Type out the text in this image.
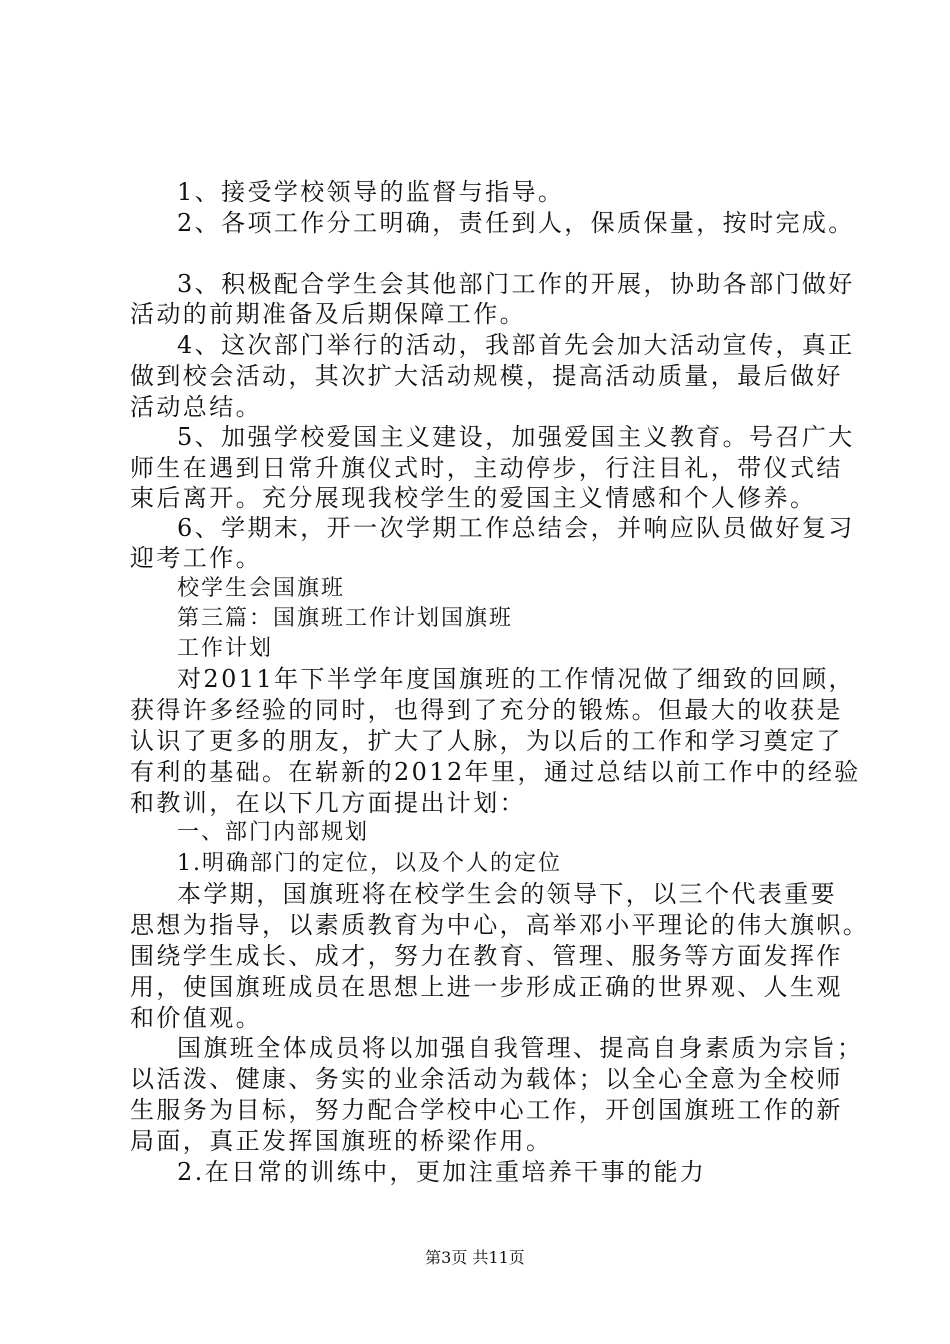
1、接受学校领导的监督与指导。
2、各项工作分工明确，责任到人，保质保量，按时完成。
3、积极配合学生会其他部门工作的开展，协助各部门做好
活动的前期准备及后期保障工作。
4、这次部门举行的活动，我部首先会加大活动宣传，真正
做到校会活动，其次扩大活动规模，提高活动质量，最后做好
活动总结。
5、加强学校爱国主义建设，加强爱国主义教育。号召广大
师生在遇到日常升旗仪式时，主动停步，行注目礼，带仪式结
束后离开。充分展现我校学生的爱国主义情感和个人修养。
6、学期末，开一次学期工作总结会，并响应队员做好复习
迎考工作。
校学生会国旗班
第三篇：国旗班工作计划国旗班
工作计划
对2011年下半学年度国旗班的工作情况做了细致的回顾，
获得许多经验的同时，也得到了充分的锻炼。但最大的收获是
认识了更多的朋友，扩大了人脉，为以后的工作和学习奠定了
有利的基础。在崭新的2012年里，通过总结以前工作中的经验
和教训，在以下几方面提出计划：
一、部门内部规划
1.明确部门的定位，以及个人的定位
本学期，国旗班将在校学生会的领导下，以三个代表重要
思想为指导，以素质教育为中心，高举邓小平理论的伟大旗帜。
围绕学生成长、成才，努力在教育、管理、服务等方面发挥作
用，使国旗班成员在思想上进一步形成正确的世界观、人生观
和价值观。
国旗班全体成员将以加强自我管理、提高自身素质为宗旨；
以活泼、健康、务实的业余活动为载体；以全心全意为全校师
生服务为目标，努力配合学校中心工作，开创国旗班工作的新
局面，真正发挥国旗班的桥梁作用。
2.在日常的训练中，更加注重培养干事的能力
第3页 共11页
